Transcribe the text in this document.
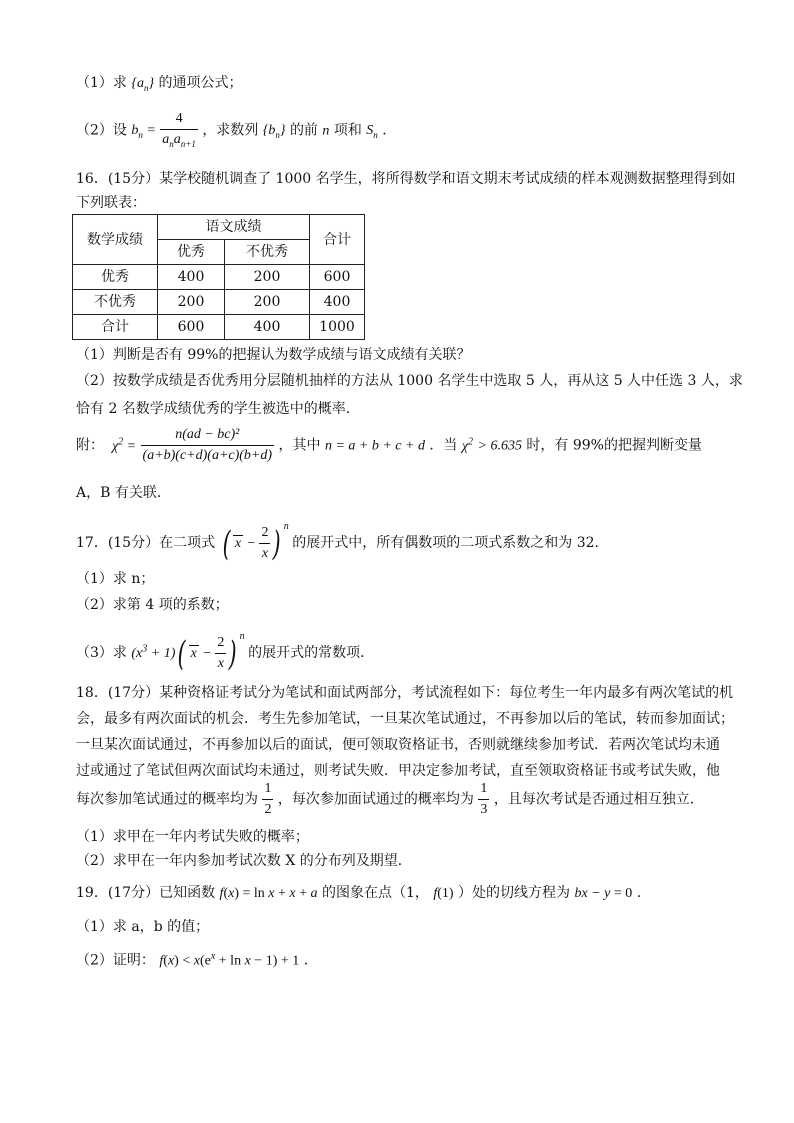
（1）求 $\{a_n\}$ 的通项公式；
（2）设 $b_n = \frac{4}{a_na_{n+1}}$ ，求数列 $\{b_n\}$ 的前 n 项和 $S_n$ ．
16．(15分）某学校随机调查了 1000 名学生，将所得数学和语文期末考试成绩的样本观测数据整理得到如
下列联表：
数学成绩	语文成绩		合计
	优秀	不优秀	
优秀	400	200	600
不优秀	200	200	400
合计	600	400	1000
（1）判断是否有 99%的把握认为数学成绩与语文成绩有关联？
（2）按数学成绩是否优秀用分层随机抽样的方法从 1000 名学生中选取 5 人，再从这 5 人中任选 3 人，求
恰有 2 名数学成绩优秀的学生被选中的概率．
附：  $\chi^2 = \frac{\text{n(ad − bc)²}}{(a+b)(c+d)(a+c)(b+d)}$ ，其中 n = a + b + c + d ．当 $\chi^2 > 6.635$ 时，有 99%的把握判断变量
A，B 有关联．
17．(15分）在二项式 ( $x - \frac{2}{x}$ ) $^n$ 的展开式中，所有偶数项的二项式系数之和为 32．
（1）求 n；
（2）求第 4 项的系数；
（3）求 $(x^3 + 1)$( $x - \frac{2}{x}$ ) $^n$ 的展开式的常数项．
18．(17分）某种资格证考试分为笔试和面试两部分，考试流程如下：每位考生一年内最多有两次笔试的机
会，最多有两次面试的机会．考生先参加笔试，一旦某次笔试通过，不再参加以后的笔试，转而参加面试；
一旦某次面试通过，不再参加以后的面试，便可领取资格证书，否则就继续参加考试．若两次笔试均未通
过或通过了笔试但两次面试均未通过，则考试失败．甲决定参加考试，直至领取资格证书或考试失败，他
每次参加笔试通过的概率均为 $\frac{1}{2}$ ，每次参加面试通过的概率均为 $\frac{1}{3}$ ，且每次考试是否通过相互独立．
（1）求甲在一年内考试失败的概率；
（2）求甲在一年内参加考试次数 X 的分布列及期望．
19．(17分）已知函数 f(x) = ln x + x + a 的图象在点（1， f(1) ）处的切线方程为 bx − y = 0 ．
（1）求 a，b 的值；
（2）证明： $f(x) < x(e^x + \ln x - 1) + 1$ ．
